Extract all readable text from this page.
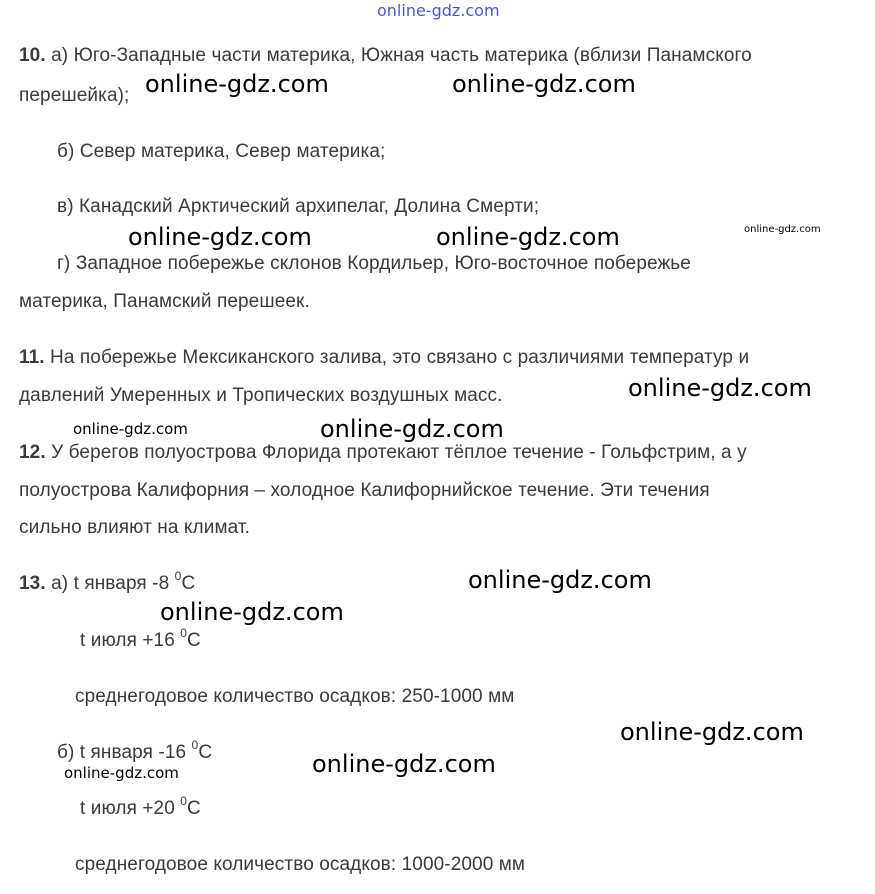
online-gdz.com
10. а) Юго-Западные части материка, Южная часть материка (вблизи Панамского
перешейка);
б) Север материка, Север материка;
в) Канадский Арктический архипелаг, Долина Смерти;
г) Западное побережье склонов Кордильер, Юго-восточное побережье
материка, Панамский перешеек.
11. На побережье Мексиканского залива, это связано с различиями температур и
давлений Умеренных и Тропических воздушных масс.
12. У берегов полуострова Флорида протекают тёплое течение - Гольфстрим, а у
полуострова Калифорния – холодное Калифорнийское течение. Эти течения
сильно влияют на климат.
13. а) t января -8 $^0$C
t июля +16 $^0$C
среднегодовое количество осадков: 250-1000 мм
б) t января -16 $^0$C
t июля +20 $^0$C
среднегодовое количество осадков: 1000-2000 мм
online-gdz.com	online-gdz.com
online-gdz.com	online-gdz.com	online-gdz.com
online-gdz.com
online-gdz.com	online-gdz.com
online-gdz.com
online-gdz.com
online-gdz.com
online-gdz.com	online-gdz.com
